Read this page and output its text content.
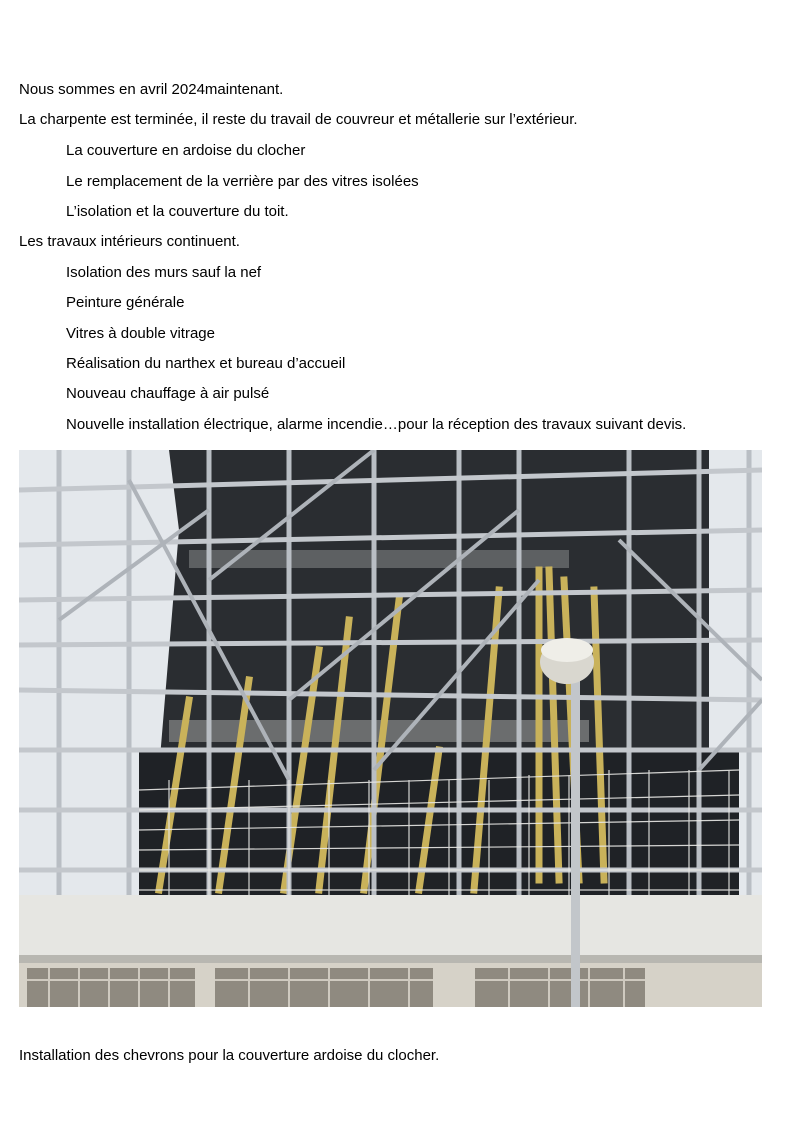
Nous sommes en avril 2024maintenant.
La charpente est terminée, il reste du travail de couvreur et métallerie sur l’extérieur.
La couverture en ardoise du clocher
Le remplacement de la verrière par des vitres isolées
L’isolation et la couverture du toit.
Les travaux intérieurs continuent.
Isolation des murs sauf la nef
Peinture générale
Vitres à double vitrage
Réalisation du narthex et bureau d’accueil
Nouveau chauffage à air pulsé
Nouvelle installation électrique, alarme incendie…pour la réception des travaux suivant devis.
Installation des chevrons pour la couverture ardoise du clocher.
